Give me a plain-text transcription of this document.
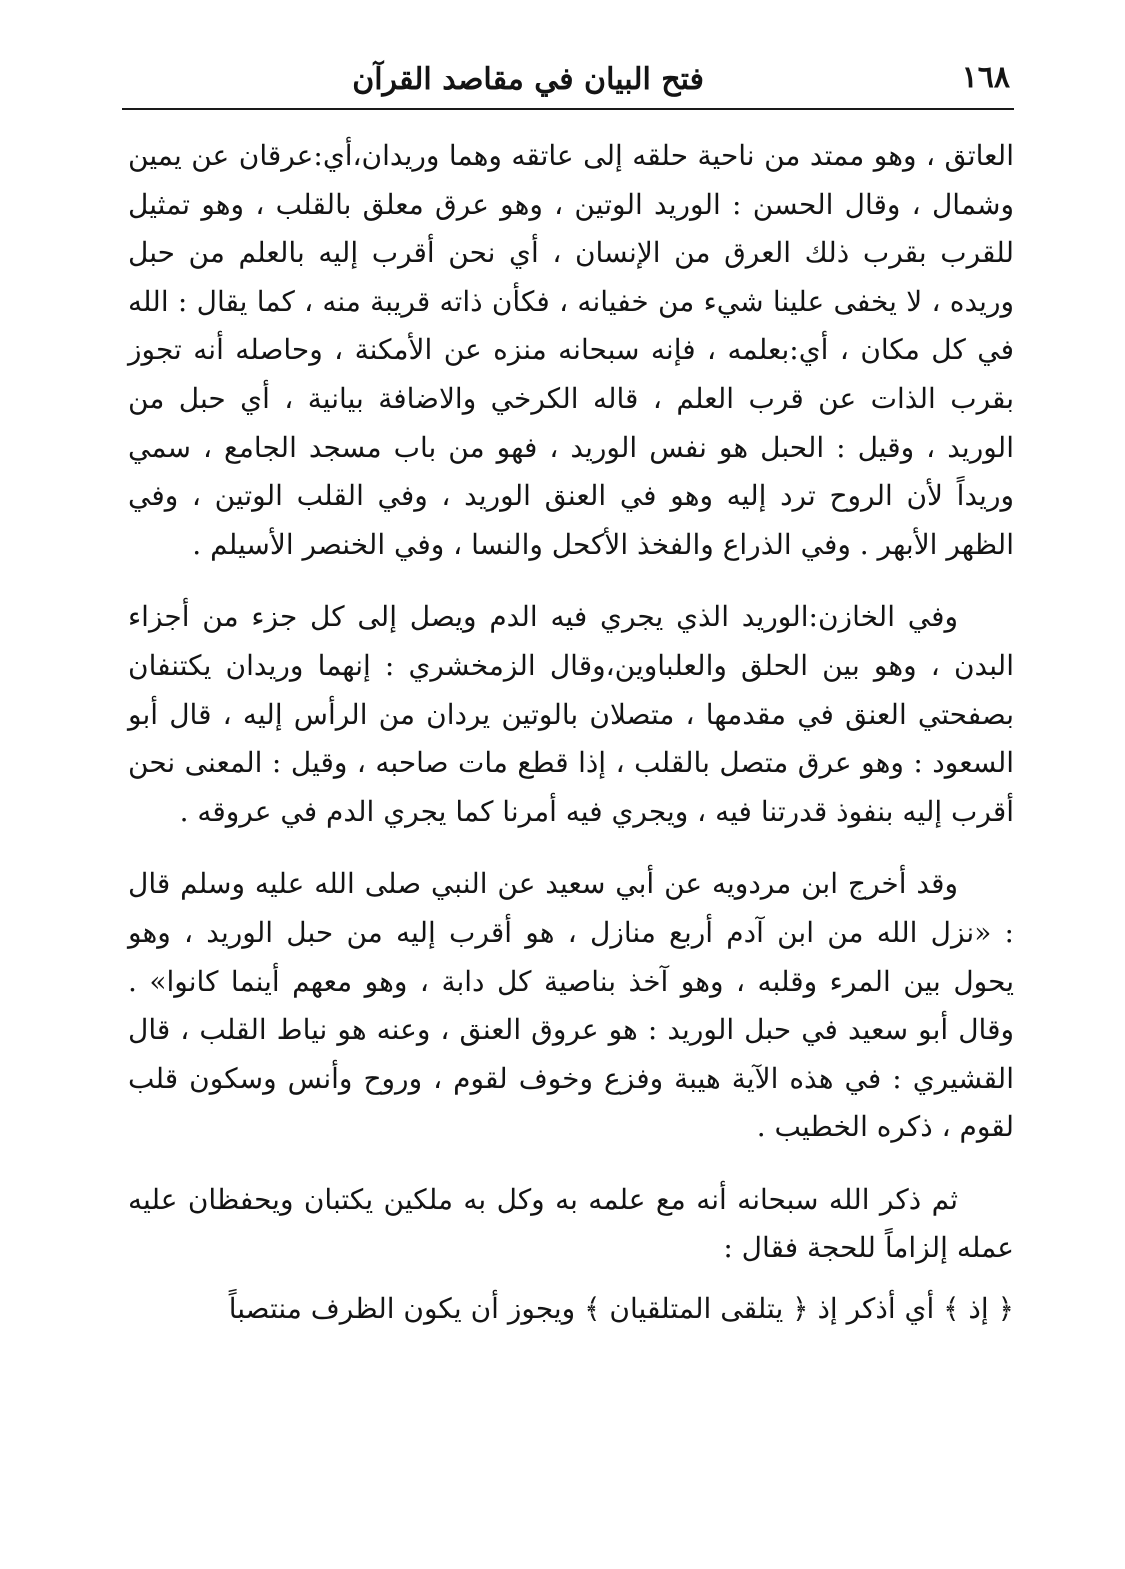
١٦٨
فتح البيان في مقاصد القرآن

العاتق ، وهو ممتد من ناحية حلقه إلى عاتقه وهما وريدان،أي:عرقان عن يمين وشمال ، وقال الحسن : الوريد الوتين ، وهو عرق معلق بالقلب ، وهو تمثيل للقرب بقرب ذلك العرق من الإنسان ، أي نحن أقرب إليه بالعلم من حبل وريده ، لا يخفى علينا شيء من خفيانه ، فكأن ذاته قريبة منه ، كما يقال : الله في كل مكان ، أي:بعلمه ، فإنه سبحانه منزه عن الأمكنة ، وحاصله أنه تجوز بقرب الذات عن قرب العلم ، قاله الكرخي والاضافة بيانية ، أي حبل من الوريد ، وقيل : الحبل هو نفس الوريد ، فهو من باب مسجد الجامع ، سمي وريداً لأن الروح ترد إليه وهو في العنق الوريد ، وفي القلب الوتين ، وفي الظهر الأبهر . وفي الذراع والفخذ الأكحل والنسا ، وفي الخنصر الأسيلم .

وفي الخازن:الوريد الذي يجري فيه الدم ويصل إلى كل جزء من أجزاء البدن ، وهو بين الحلق والعلباوين،وقال الزمخشري : إنهما وريدان يكتنفان بصفحتي العنق في مقدمها ، متصلان بالوتين يردان من الرأس إليه ، قال أبو السعود : وهو عرق متصل بالقلب ، إذا قطع مات صاحبه ، وقيل : المعنى نحن أقرب إليه بنفوذ قدرتنا فيه ، ويجري فيه أمرنا كما يجري الدم في عروقه .

وقد أخرج ابن مردويه عن أبي سعيد عن النبي صلى الله عليه وسلم قال : «نزل الله من ابن آدم أربع منازل ، هو أقرب إليه من حبل الوريد ، وهو يحول بين المرء وقلبه ، وهو آخذ بناصية كل دابة ، وهو معهم أينما كانوا» . وقال أبو سعيد في حبل الوريد : هو عروق العنق ، وعنه هو نياط القلب ، قال القشيري : في هذه الآية هيبة وفزع وخوف لقوم ، وروح وأنس وسكون قلب لقوم ، ذكره الخطيب .

ثم ذكر الله سبحانه أنه مع علمه به وكل به ملكين يكتبان ويحفظان عليه عمله إلزاماً للحجة فقال :

﴿ إذ ﴾ أي أذكر إذ ﴿ يتلقى المتلقيان ﴾ ويجوز أن يكون الظرف منتصباً
